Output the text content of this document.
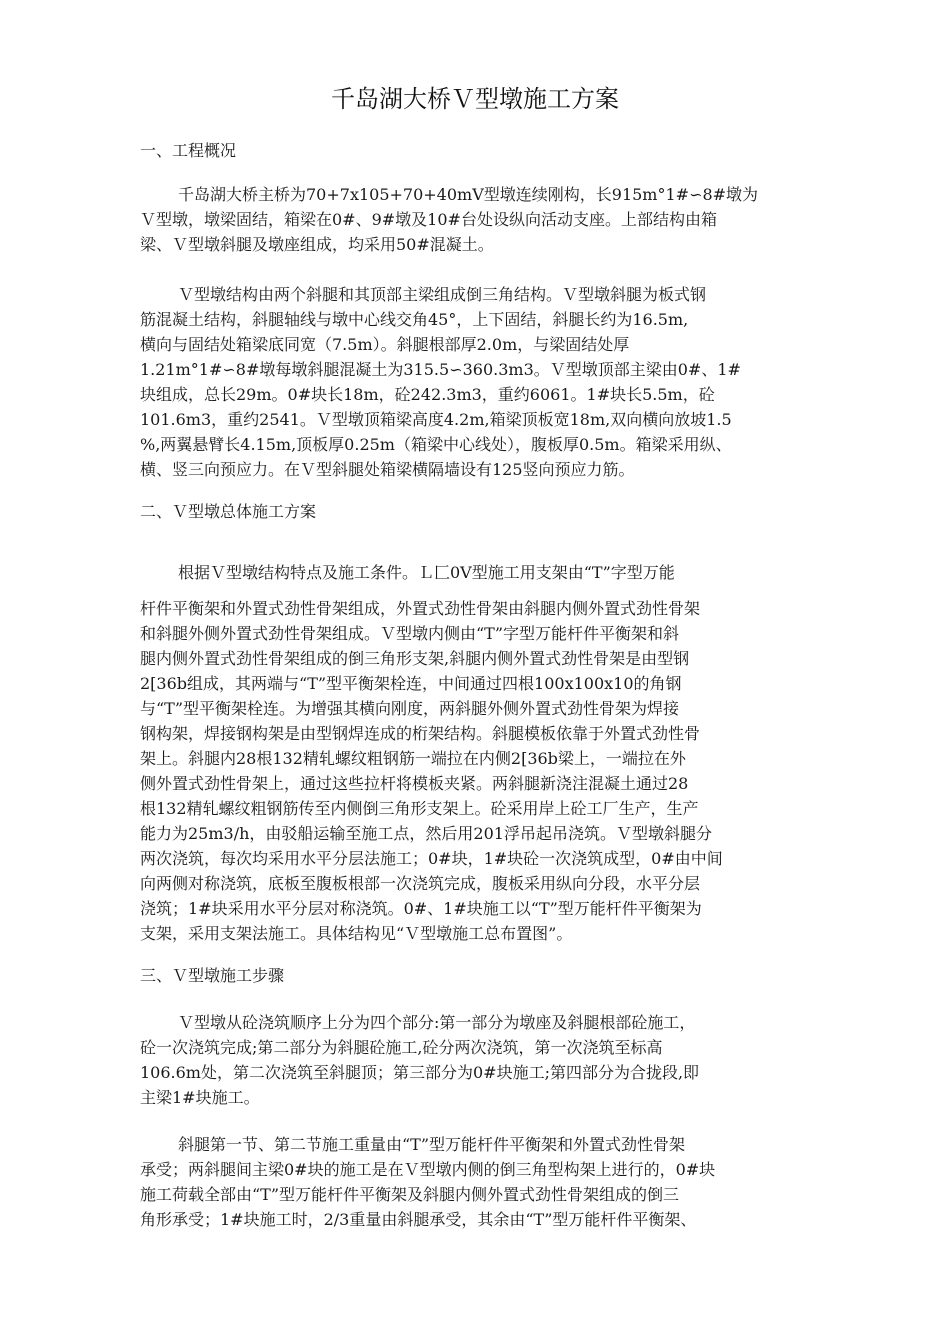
千岛湖大桥Ｖ型墩施工方案
一、工程概况
千岛湖大桥主桥为70+7x105+70+40mV型墩连续刚构，长915m°1#∽8#墩为
Ｖ型墩，墩梁固结，箱梁在0#、9#墩及10#台处设纵向活动支座。上部结构由箱
梁、Ｖ型墩斜腿及墩座组成，均采用50#混凝土。
Ｖ型墩结构由两个斜腿和其顶部主梁组成倒三角结构。Ｖ型墩斜腿为板式钢
筋混凝土结构，斜腿轴线与墩中心线交角45°，上下固结，斜腿长约为16.5m,
横向与固结处箱梁底同宽（7.5m）。斜腿根部厚2.0m，与梁固结处厚
1.21m°1#∽8#墩每墩斜腿混凝土为315.5∽360.3m3。Ｖ型墩顶部主梁由0#、1#
块组成，总长29m。0#块长18m，砼242.3m3，重约6061。1#块长5.5m，砼
101.6m3，重约2541。Ｖ型墩顶箱梁高度4.2m,箱梁顶板宽18m,双向横向放坡1.5
%,两翼悬臂长4.15m,顶板厚0.25m（箱梁中心线处），腹板厚0.5m。箱梁采用纵、
横、竖三向预应力。在Ｖ型斜腿处箱梁横隔墙设有125竖向预应力筋。
二、Ｖ型墩总体施工方案
根据Ｖ型墩结构特点及施工条件。Ｌ匚0V型施工用支架由“T”字型万能
杆件平衡架和外置式劲性骨架组成，外置式劲性骨架由斜腿内侧外置式劲性骨架
和斜腿外侧外置式劲性骨架组成。Ｖ型墩内侧由“T”字型万能杆件平衡架和斜
腿内侧外置式劲性骨架组成的倒三角形支架,斜腿内侧外置式劲性骨架是由型钢
2[36b组成，其两端与“T”型平衡架栓连，中间通过四根100x100x10的角钢
与“T”型平衡架栓连。为增强其横向刚度，两斜腿外侧外置式劲性骨架为焊接
钢构架，焊接钢构架是由型钢焊连成的桁架结构。斜腿模板依靠于外置式劲性骨
架上。斜腿内28根132精轧螺纹粗钢筋一端拉在内侧2[36b梁上，一端拉在外
侧外置式劲性骨架上，通过这些拉杆将模板夹紧。两斜腿新浇注混凝土通过28
根132精轧螺纹粗钢筋传至内侧倒三角形支架上。砼采用岸上砼工厂生产，生产
能力为25m3/h，由驳船运输至施工点，然后用201浮吊起吊浇筑。Ｖ型墩斜腿分
两次浇筑，每次均采用水平分层法施工；0#块，1#块砼一次浇筑成型，0#由中间
向两侧对称浇筑，底板至腹板根部一次浇筑完成，腹板采用纵向分段，水平分层
浇筑；1#块采用水平分层对称浇筑。0#、1#块施工以“T”型万能杆件平衡架为
支架，采用支架法施工。具体结构见“Ｖ型墩施工总布置图”。
三、Ｖ型墩施工步骤
Ｖ型墩从砼浇筑顺序上分为四个部分:第一部分为墩座及斜腿根部砼施工，
砼一次浇筑完成;第二部分为斜腿砼施工,砼分两次浇筑，第一次浇筑至标高
106.6m处，第二次浇筑至斜腿顶；第三部分为0#块施工;第四部分为合拢段,即
主梁1#块施工。
斜腿第一节、第二节施工重量由“T”型万能杆件平衡架和外置式劲性骨架
承受；两斜腿间主梁0#块的施工是在Ｖ型墩内侧的倒三角型构架上进行的，0#块
施工荷载全部由“T”型万能杆件平衡架及斜腿内侧外置式劲性骨架组成的倒三
角形承受；1#块施工时，2/3重量由斜腿承受，其余由“T”型万能杆件平衡架、
